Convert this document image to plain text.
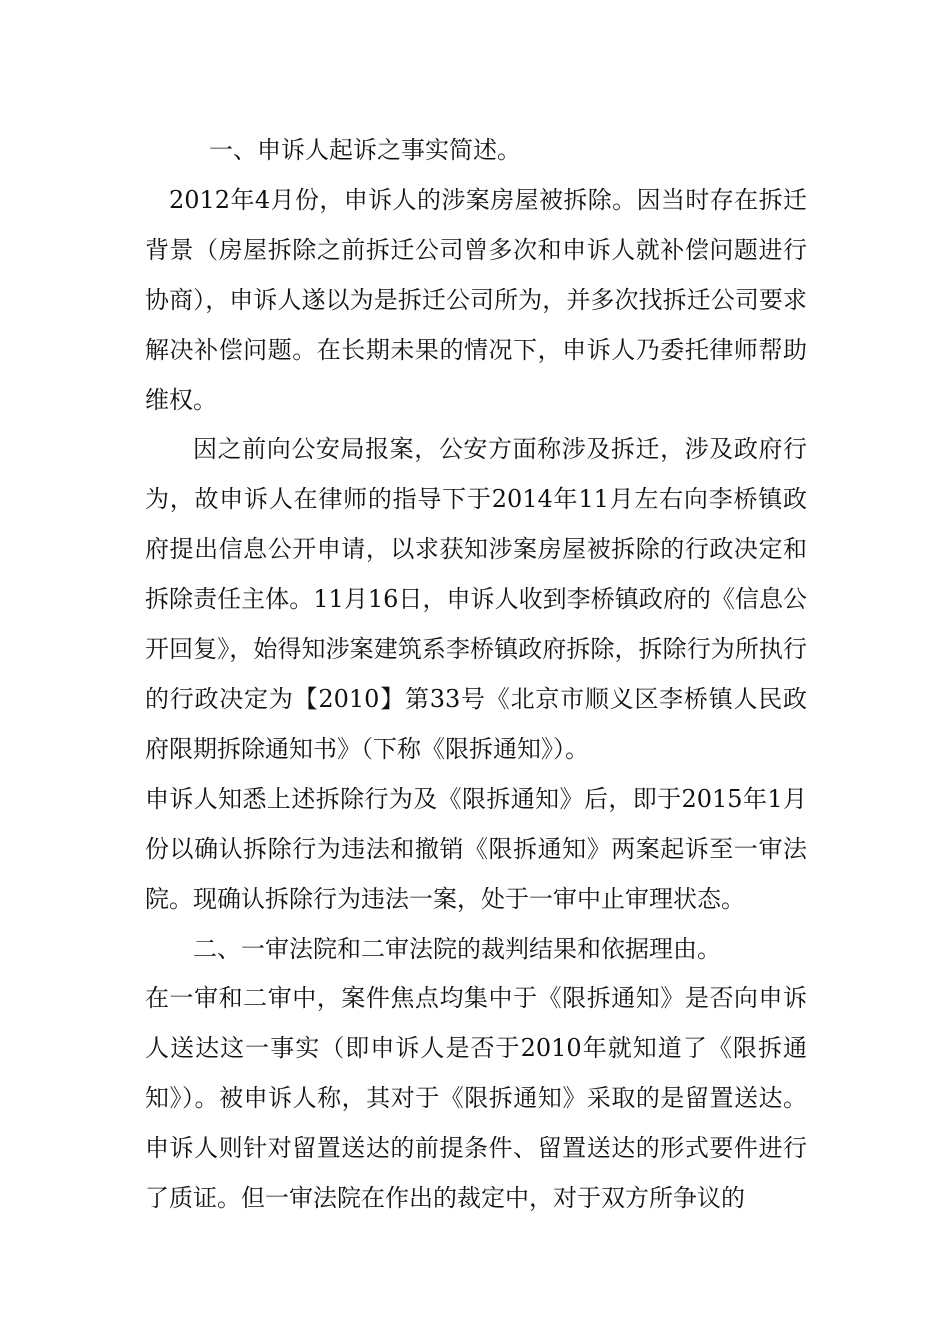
一、申诉人起诉之事实简述。

2012年4月份，申诉人的涉案房屋被拆除。因当时存在拆迁背景（房屋拆除之前拆迁公司曾多次和申诉人就补偿问题进行协商），申诉人遂以为是拆迁公司所为，并多次找拆迁公司要求解决补偿问题。在长期未果的情况下，申诉人乃委托律师帮助维权。

因之前向公安局报案，公安方面称涉及拆迁，涉及政府行为，故申诉人在律师的指导下于2014年11月左右向李桥镇政府提出信息公开申请，以求获知涉案房屋被拆除的行政决定和拆除责任主体。11月16日，申诉人收到李桥镇政府的《信息公开回复》，始得知涉案建筑系李桥镇政府拆除，拆除行为所执行的行政决定为【2010】第33号《北京市顺义区李桥镇人民政府限期拆除通知书》（下称《限拆通知》）。

申诉人知悉上述拆除行为及《限拆通知》后，即于2015年1月份以确认拆除行为违法和撤销《限拆通知》两案起诉至一审法院。现确认拆除行为违法一案，处于一审中止审理状态。

二、一审法院和二审法院的裁判结果和依据理由。

在一审和二审中，案件焦点均集中于《限拆通知》是否向申诉人送达这一事实（即申诉人是否于2010年就知道了《限拆通知》）。被申诉人称，其对于《限拆通知》采取的是留置送达。申诉人则针对留置送达的前提条件、留置送达的形式要件进行了质证。但一审法院在作出的裁定中，对于双方所争议的
